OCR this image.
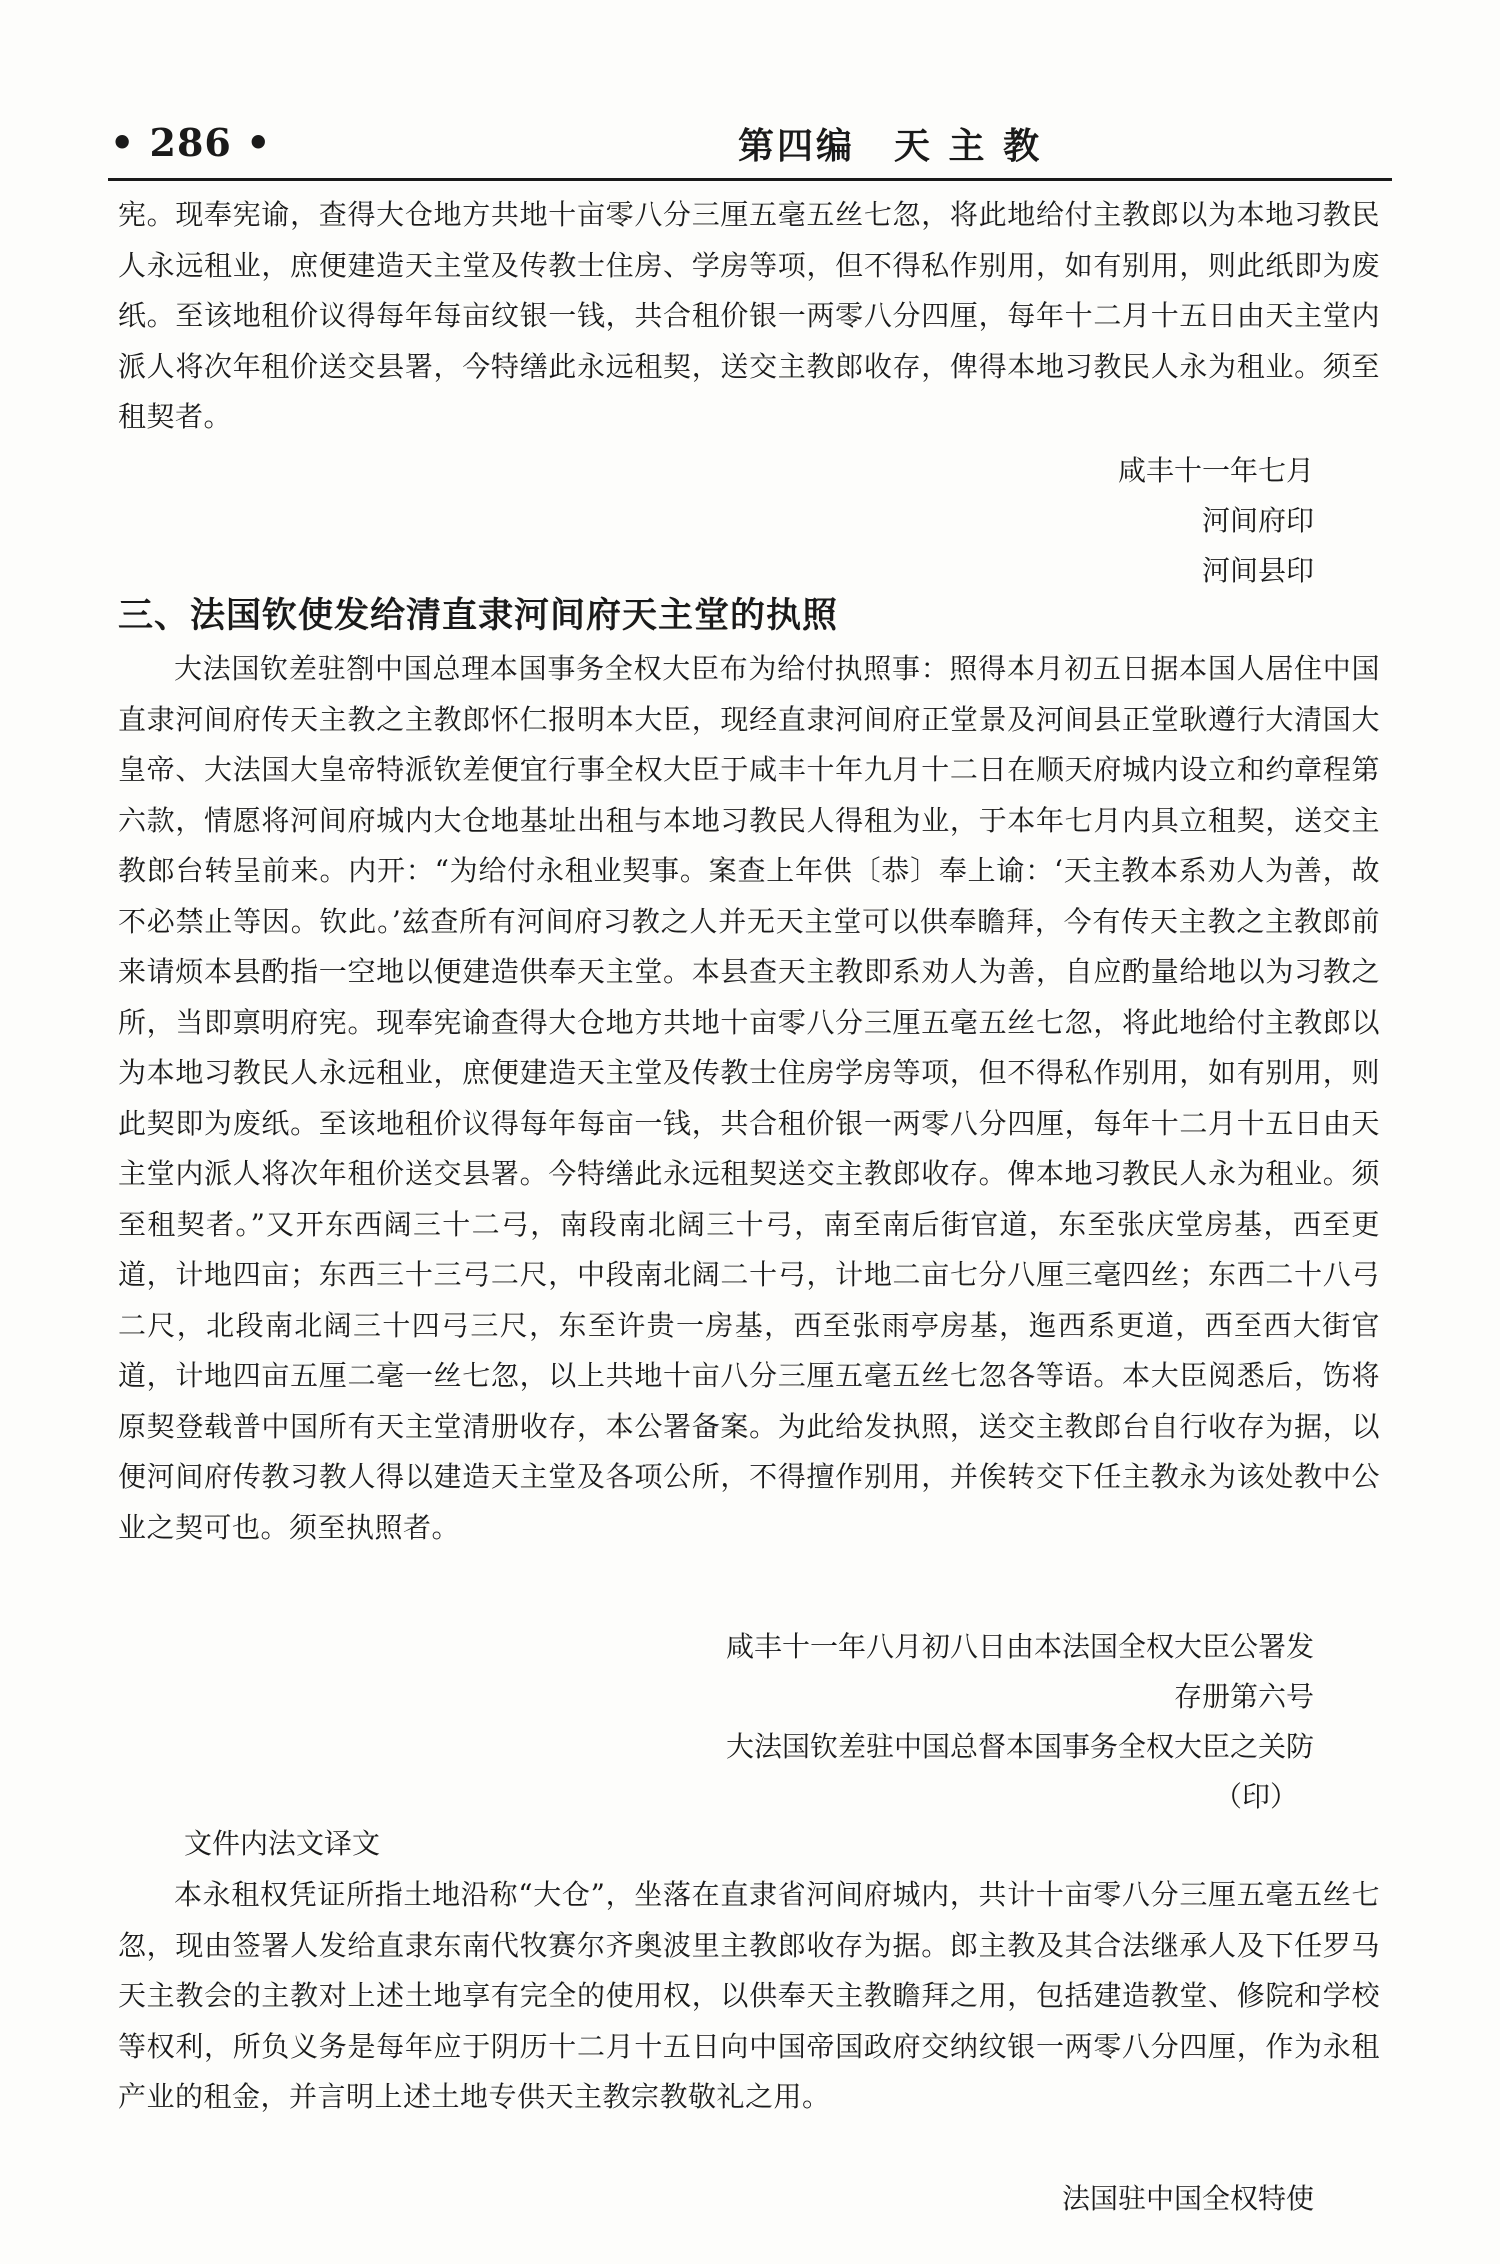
• 286 •	第四编　天 主 教

宪。现奉宪谕，查得大仓地方共地十亩零八分三厘五毫五丝七忽，将此地给付主教郎以为本地习教民人永远租业，庶便建造天主堂及传教士住房、学房等项，但不得私作别用，如有别用，则此纸即为废纸。至该地租价议得每年每亩纹银一钱，共合租价银一两零八分四厘，每年十二月十五日由天主堂内派人将次年租价送交县署，今特缮此永远租契，送交主教郎收存，俾得本地习教民人永为租业。须至租契者。

咸丰十一年七月
河间府印
河间县印
三、法国钦使发给清直隶河间府天主堂的执照

大法国钦差驻劄中国总理本国事务全权大臣布为给付执照事：照得本月初五日据本国人居住中国直隶河间府传天主教之主教郎怀仁报明本大臣，现经直隶河间府正堂景及河间县正堂耿遵行大清国大皇帝、大法国大皇帝特派钦差便宜行事全权大臣于咸丰十年九月十二日在顺天府城内设立和约章程第六款，情愿将河间府城内大仓地基址出租与本地习教民人得租为业，于本年七月内具立租契，送交主教郎台转呈前来。内开：“为给付永租业契事。案查上年供〔恭〕奉上谕：‘天主教本系劝人为善，故不必禁止等因。钦此。’兹查所有河间府习教之人并无天主堂可以供奉瞻拜，今有传天主教之主教郎前来请烦本县酌指一空地以便建造供奉天主堂。本县查天主教即系劝人为善，自应酌量给地以为习教之所，当即禀明府宪。现奉宪谕查得大仓地方共地十亩零八分三厘五毫五丝七忽，将此地给付主教郎以为本地习教民人永远租业，庶便建造天主堂及传教士住房学房等项，但不得私作别用，如有别用，则此契即为废纸。至该地租价议得每年每亩一钱，共合租价银一两零八分四厘，每年十二月十五日由天主堂内派人将次年租价送交县署。今特缮此永远租契送交主教郎收存。俾本地习教民人永为租业。须至租契者。”又开东西阔三十二弓，南段南北阔三十弓，南至南后街官道，东至张庆堂房基，西至更道，计地四亩；东西三十三弓二尺，中段南北阔二十弓，计地二亩七分八厘三毫四丝；东西二十八弓二尺，北段南北阔三十四弓三尺，东至许贵一房基，西至张雨亭房基，迤西系更道，西至西大街官道，计地四亩五厘二毫一丝七忽，以上共地十亩八分三厘五毫五丝七忽各等语。本大臣阅悉后，饬将原契登载普中国所有天主堂清册收存，本公署备案。为此给发执照，送交主教郎台自行收存为据，以便河间府传教习教人得以建造天主堂及各项公所，不得擅作别用，并俟转交下任主教永为该处教中公业之契可也。须至执照者。

咸丰十一年八月初八日由本法国全权大臣公署发
存册第六号
大法国钦差驻中国总督本国事务全权大臣之关防
（印）
文件内法文译文

本永租权凭证所指土地沿称“大仓”，坐落在直隶省河间府城内，共计十亩零八分三厘五毫五丝七忽，现由签署人发给直隶东南代牧赛尔齐奥波里主教郎收存为据。郎主教及其合法继承人及下任罗马天主教会的主教对上述土地享有完全的使用权，以供奉天主教瞻拜之用，包括建造教堂、修院和学校等权利，所负义务是每年应于阴历十二月十五日向中国帝国政府交纳纹银一两零八分四厘，作为永租产业的租金，并言明上述土地专供天主教宗教敬礼之用。

法国驻中国全权特使
